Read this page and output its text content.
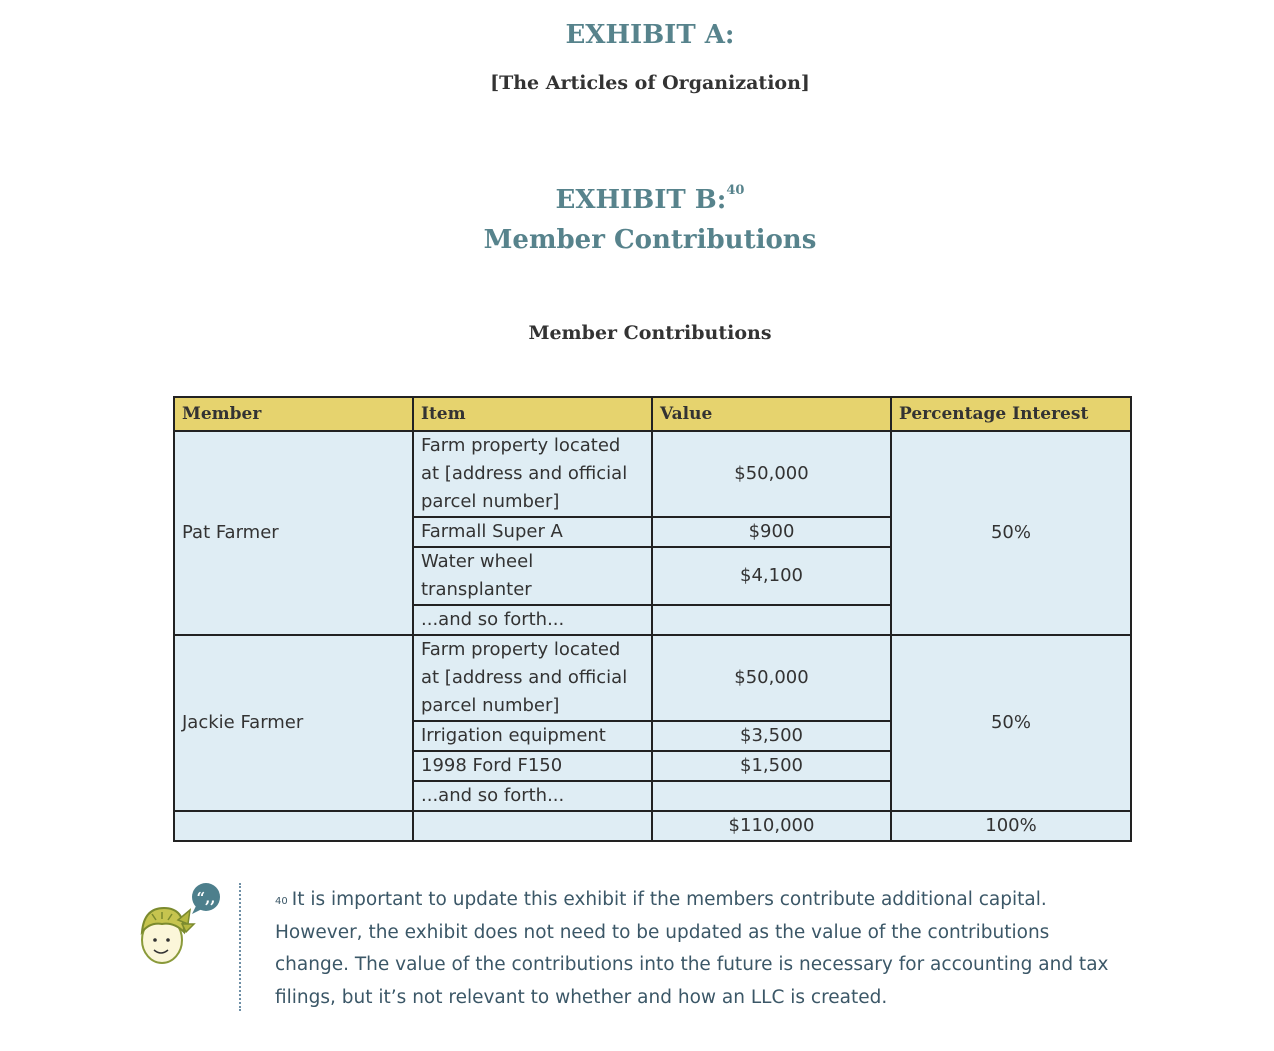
EXHIBIT A:
[The Articles of Organization]
EXHIBIT B:$^{40}$
Member Contributions
Member Contributions
Member	Item	Value	Percentage Interest
Pat Farmer	Farm property located at [address and official parcel number]	$50,000	50%
	Farmall Super A	$900	
	Water wheel transplanter	$4,100	
	...and so forth...		
Jackie Farmer	Farm property located at [address and official parcel number]	$50,000	50%
	Irrigation equipment	$3,500	
	1998 Ford F150	$1,500	
	...and so forth...		
		$110,000	100%
“,,	$^{40}$ It is important to update this exhibit if the members contribute additional capital. However, the exhibit does not need to be updated as the value of the contributions change. The value of the contributions into the future is necessary for accounting and tax filings, but it’s not relevant to whether and how an LLC is created.
